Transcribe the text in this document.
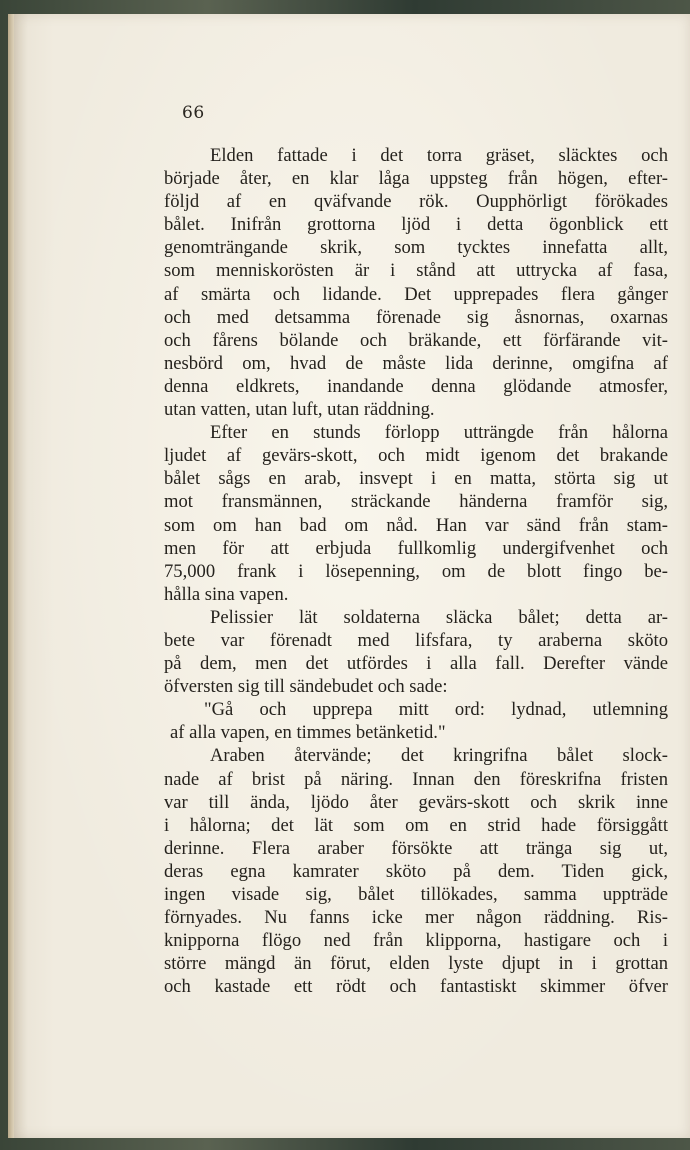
66
Elden fattade i det torra gräset, släcktes och
började åter, en klar låga uppsteg från högen, efter-
följd af en qväfvande rök. Oupphörligt förökades
bålet. Inifrån grottorna ljöd i detta ögonblick ett
genomträngande skrik, som tycktes innefatta allt,
som menniskorösten är i stånd att uttrycka af fasa,
af smärta och lidande. Det upprepades flera gånger
och med detsamma förenade sig åsnornas, oxarnas
och fårens bölande och bräkande, ett förfärande vit-
nesbörd om, hvad de måste lida derinne, omgifna af
denna eldkrets, inandande denna glödande atmosfer,
utan vatten, utan luft, utan räddning.
Efter en stunds förlopp utträngde från hålorna
ljudet af gevärs-skott, och midt igenom det brakande
bålet sågs en arab, insvept i en matta, störta sig ut
mot fransmännen, sträckande händerna framför sig,
som om han bad om nåd. Han var sänd från stam-
men för att erbjuda fullkomlig undergifvenhet och
75,000 frank i lösepenning, om de blott fingo be-
hålla sina vapen.
Pelissier lät soldaterna släcka bålet; detta ar-
bete var förenadt med lifsfara, ty araberna sköto
på dem, men det utfördes i alla fall. Derefter vände
öfversten sig till sändebudet och sade:
"Gå och upprepa mitt ord: lydnad, utlemning
af alla vapen, en timmes betänketid."
Araben återvände; det kringrifna bålet slock-
nade af brist på näring. Innan den föreskrifna fristen
var till ända, ljödo åter gevärs-skott och skrik inne
i hålorna; det lät som om en strid hade försiggått
derinne. Flera araber försökte att tränga sig ut,
deras egna kamrater sköto på dem. Tiden gick,
ingen visade sig, bålet tillökades, samma uppträde
förnyades. Nu fanns icke mer någon räddning. Ris-
knipporna flögo ned från klipporna, hastigare och i
större mängd än förut, elden lyste djupt in i grottan
och kastade ett rödt och fantastiskt skimmer öfver
